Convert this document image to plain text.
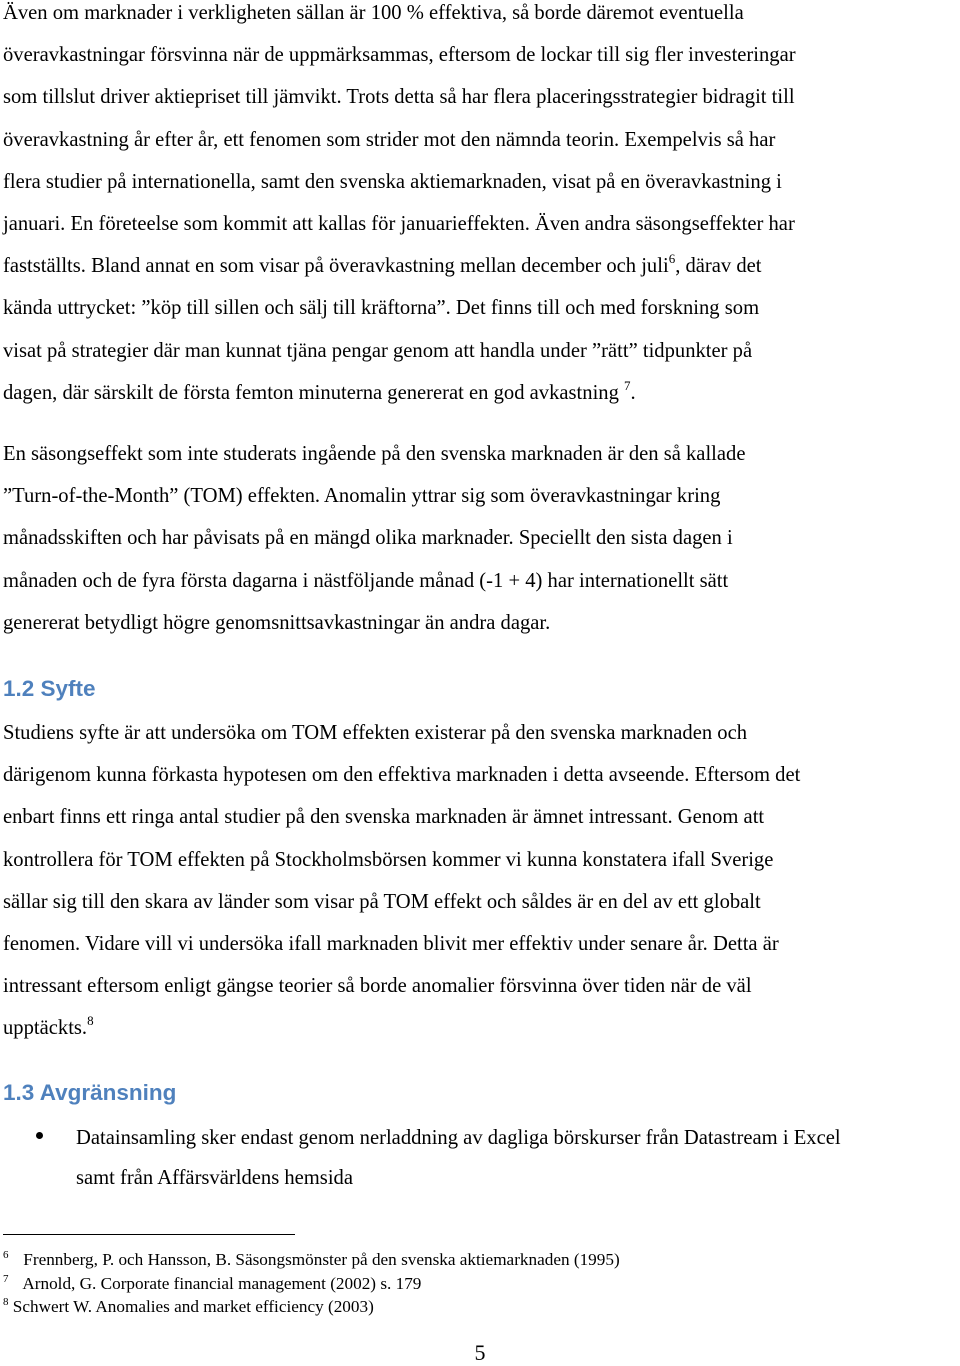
Även om marknader i verkligheten sällan är 100 % effektiva, så borde däremot eventuella
överavkastningar försvinna när de uppmärksammas, eftersom de lockar till sig fler investeringar
som tillslut driver aktiepriset till jämvikt. Trots detta så har flera placeringsstrategier bidragit till
överavkastning år efter år, ett fenomen som strider mot den nämnda teorin. Exempelvis så har
flera studier på internationella, samt den svenska aktiemarknaden, visat på en överavkastning i
januari. En företeelse som kommit att kallas för januarieffekten. Även andra säsongseffekter har
fastställts. Bland annat en som visar på överavkastning mellan december och juli$^6$, därav det
kända uttrycket: ”köp till sillen och sälj till kräftorna”. Det finns till och med forskning som
visat på strategier där man kunnat tjäna pengar genom att handla under ”rätt” tidpunkter på
dagen, där särskilt de första femton minuterna genererat en god avkastning $^7$.

En säsongseffekt som inte studerats ingående på den svenska marknaden är den så kallade
”Turn-of-the-Month” (TOM) effekten. Anomalin yttrar sig som överavkastningar kring
månadsskiften och har påvisats på en mängd olika marknader. Speciellt den sista dagen i
månaden och de fyra första dagarna i nästföljande månad (-1 + 4) har internationellt sätt
genererat betydligt högre genomsnittsavkastningar än andra dagar.

1.2 Syfte

Studiens syfte är att undersöka om TOM effekten existerar på den svenska marknaden och
därigenom kunna förkasta hypotesen om den effektiva marknaden i detta avseende. Eftersom det
enbart finns ett ringa antal studier på den svenska marknaden är ämnet intressant. Genom att
kontrollera för TOM effekten på Stockholmsbörsen kommer vi kunna konstatera ifall Sverige
sällar sig till den skara av länder som visar på TOM effekt och såldes är en del av ett globalt
fenomen. Vidare vill vi undersöka ifall marknaden blivit mer effektiv under senare år. Detta är
intressant eftersom enligt gängse teorier så borde anomalier försvinna över tiden när de väl
upptäckts.$^8$

1.3 Avgränsning
Datainsamling sker endast genom nerladdning av dagliga börskurser från Datastream i Excel
samt från Affärsvärldens hemsida
$^6$ Frennberg, P. och Hansson, B. Säsongsmönster på den svenska aktiemarknaden (1995)
$^7$ Arnold, G. Corporate financial management (2002) s. 179
$^8$ Schwert W. Anomalies and market efficiency (2003)
5
